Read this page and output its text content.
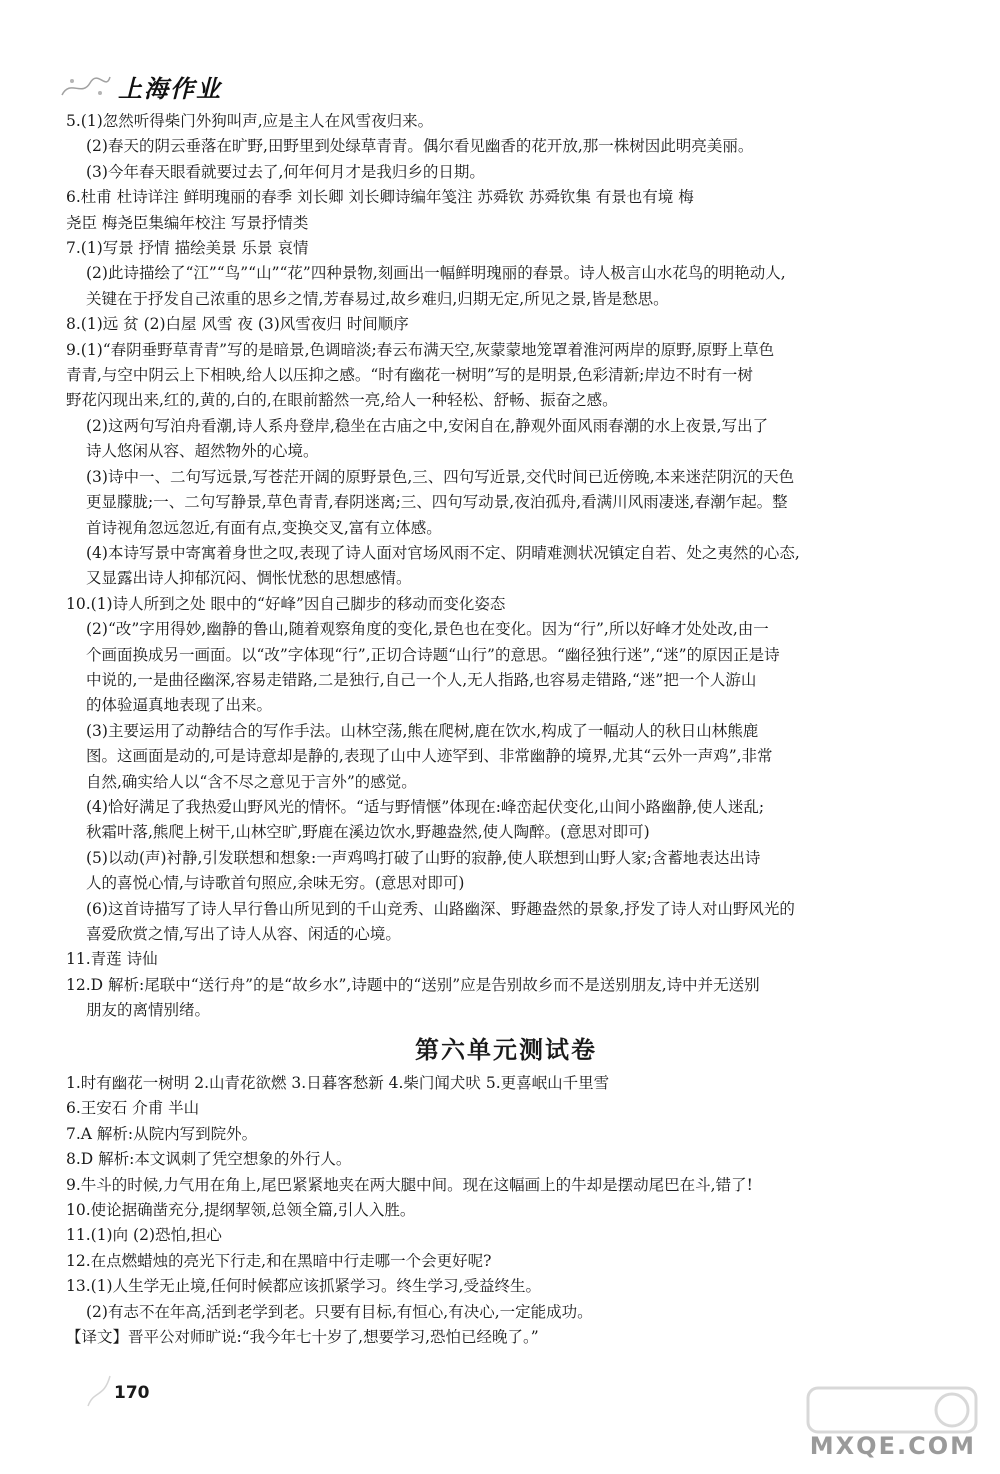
上海作业
5.(1)忽然听得柴门外狗叫声,应是主人在风雪夜归来。
(2)春天的阴云垂落在旷野,田野里到处绿草青青。偶尔看见幽香的花开放,那一株树因此明亮美丽。
(3)今年春天眼看就要过去了,何年何月才是我归乡的日期。
6.杜甫 杜诗详注 鲜明瑰丽的春季 刘长卿 刘长卿诗编年笺注 苏舜钦 苏舜钦集 有景也有境 梅
尧臣 梅尧臣集编年校注 写景抒情类
7.(1)写景 抒情 描绘美景 乐景 哀情
(2)此诗描绘了“江”“鸟”“山”“花”四种景物,刻画出一幅鲜明瑰丽的春景。诗人极言山水花鸟的明艳动人,
关键在于抒发自己浓重的思乡之情,芳春易过,故乡难归,归期无定,所见之景,皆是愁思。
8.(1)远 贫 (2)白屋 风雪 夜 (3)风雪夜归 时间顺序
9.(1)“春阴垂野草青青”写的是暗景,色调暗淡;春云布满天空,灰蒙蒙地笼罩着淮河两岸的原野,原野上草色
青青,与空中阴云上下相映,给人以压抑之感。“时有幽花一树明”写的是明景,色彩清新;岸边不时有一树
野花闪现出来,红的,黄的,白的,在眼前豁然一亮,给人一种轻松、舒畅、振奋之感。
(2)这两句写泊舟看潮,诗人系舟登岸,稳坐在古庙之中,安闲自在,静观外面风雨春潮的水上夜景,写出了
诗人悠闲从容、超然物外的心境。
(3)诗中一、二句写远景,写苍茫开阔的原野景色,三、四句写近景,交代时间已近傍晚,本来迷茫阴沉的天色
更显朦胧;一、二句写静景,草色青青,春阴迷离;三、四句写动景,夜泊孤舟,看满川风雨凄迷,春潮乍起。整
首诗视角忽远忽近,有面有点,变换交叉,富有立体感。
(4)本诗写景中寄寓着身世之叹,表现了诗人面对官场风雨不定、阴晴难测状况镇定自若、处之夷然的心态,
又显露出诗人抑郁沉闷、惆怅忧愁的思想感情。
10.(1)诗人所到之处 眼中的“好峰”因自己脚步的移动而变化姿态
(2)“改”字用得妙,幽静的鲁山,随着观察角度的变化,景色也在变化。因为“行”,所以好峰才处处改,由一
个画面换成另一画面。以“改”字体现“行”,正切合诗题“山行”的意思。“幽径独行迷”,“迷”的原因正是诗
中说的,一是曲径幽深,容易走错路,二是独行,自己一个人,无人指路,也容易走错路,“迷”把一个人游山
的体验逼真地表现了出来。
(3)主要运用了动静结合的写作手法。山林空荡,熊在爬树,鹿在饮水,构成了一幅动人的秋日山林熊鹿
图。这画面是动的,可是诗意却是静的,表现了山中人迹罕到、非常幽静的境界,尤其“云外一声鸡”,非常
自然,确实给人以“含不尽之意见于言外”的感觉。
(4)恰好满足了我热爱山野风光的情怀。“适与野情惬”体现在:峰峦起伏变化,山间小路幽静,使人迷乱;
秋霜叶落,熊爬上树干,山林空旷,野鹿在溪边饮水,野趣盎然,使人陶醉。(意思对即可)
(5)以动(声)衬静,引发联想和想象:一声鸡鸣打破了山野的寂静,使人联想到山野人家;含蓄地表达出诗
人的喜悦心情,与诗歌首句照应,余味无穷。(意思对即可)
(6)这首诗描写了诗人早行鲁山所见到的千山竞秀、山路幽深、野趣盎然的景象,抒发了诗人对山野风光的
喜爱欣赏之情,写出了诗人从容、闲适的心境。
11.青莲 诗仙
12.D 解析:尾联中“送行舟”的是“故乡水”,诗题中的“送别”应是告别故乡而不是送别朋友,诗中并无送别
朋友的离情别绪。
第六单元测试卷
1.时有幽花一树明 2.山青花欲燃 3.日暮客愁新 4.柴门闻犬吠 5.更喜岷山千里雪
6.王安石 介甫 半山
7.A 解析:从院内写到院外。
8.D 解析:本文讽刺了凭空想象的外行人。
9.牛斗的时候,力气用在角上,尾巴紧紧地夹在两大腿中间。现在这幅画上的牛却是摆动尾巴在斗,错了!
10.使论据确凿充分,提纲挈领,总领全篇,引人入胜。
11.(1)向 (2)恐怕,担心
12.在点燃蜡烛的亮光下行走,和在黑暗中行走哪一个会更好呢?
13.(1)人生学无止境,任何时候都应该抓紧学习。终生学习,受益终生。
(2)有志不在年高,活到老学到老。只要有目标,有恒心,有决心,一定能成功。
【译文】晋平公对师旷说:“我今年七十岁了,想要学习,恐怕已经晚了。”
170
MXQE.COM
